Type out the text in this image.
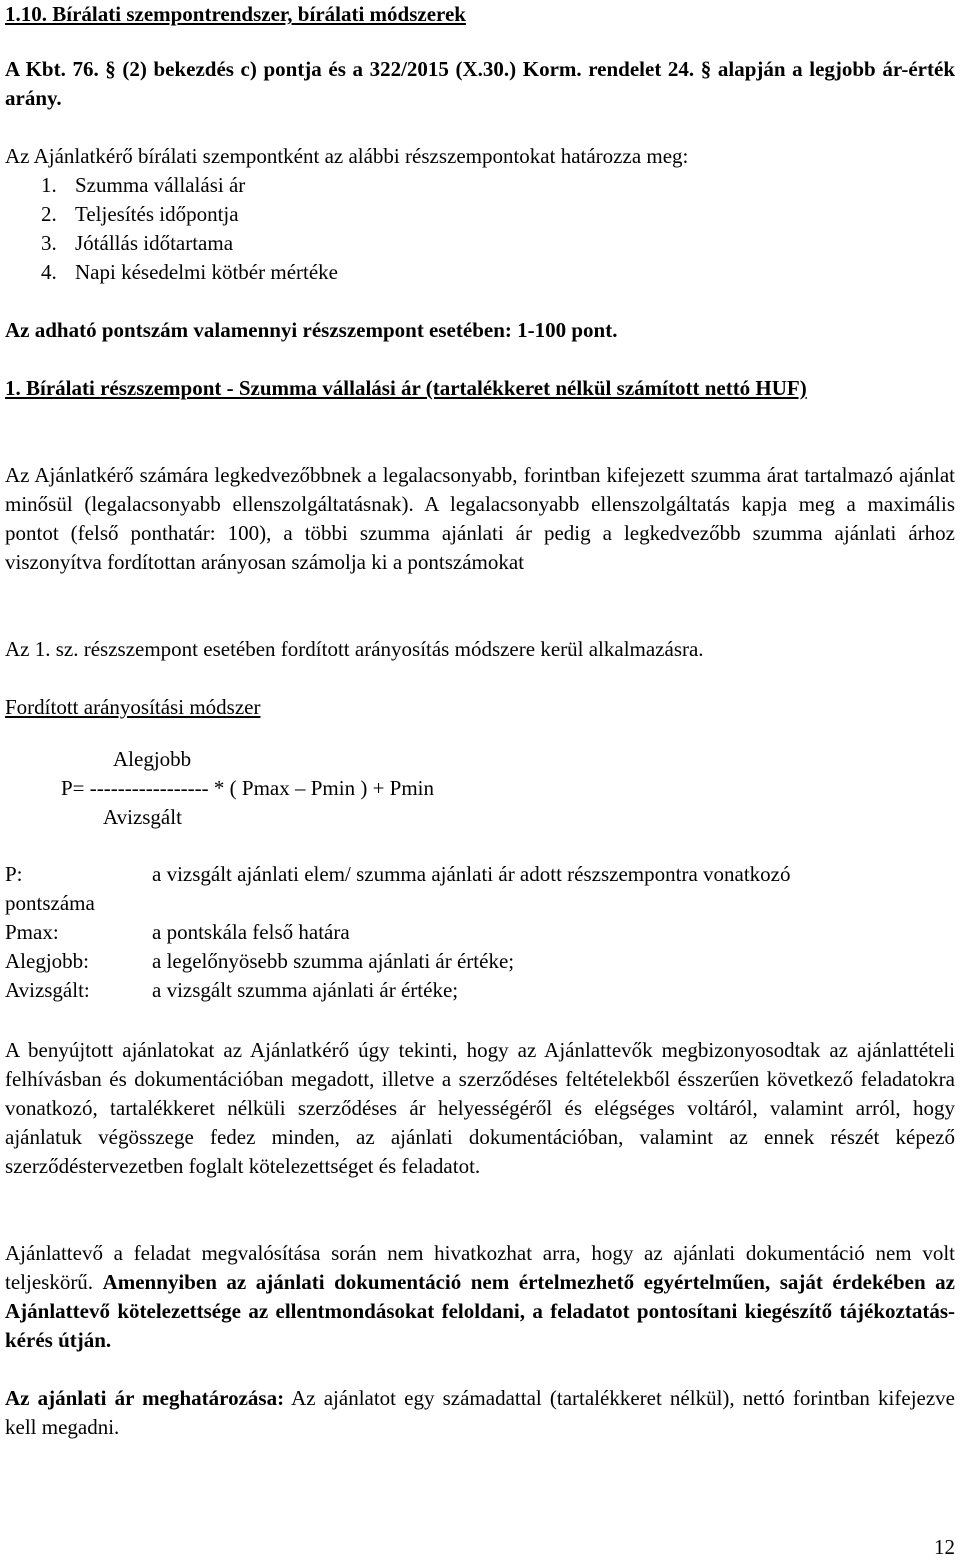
1.10. Bírálati szempontrendszer, bírálati módszerek

A Kbt. 76. § (2) bekezdés c) pontja és a 322/2015 (X.30.) Korm. rendelet 24. § alapján a legjobb ár-érték arány.

Az Ajánlatkérő bírálati szempontként az alábbi részszempontokat határozza meg:

1. Szumma vállalási ár
2. Teljesítés időpontja
3. Jótállás időtartama
4. Napi késedelmi kötbér mértéke

Az adható pontszám valamennyi részszempont esetében: 1-100 pont.

1. Bírálati részszempont - Szumma vállalási ár (tartalékkeret nélkül számított nettó HUF)

Az Ajánlatkérő számára legkedvezőbbnek a legalacsonyabb, forintban kifejezett szumma árat tartalmazó ajánlat minősül (legalacsonyabb ellenszolgáltatásnak). A legalacsonyabb ellenszolgáltatás kapja meg a maximális pontot (felső ponthatár: 100), a többi szumma ajánlati ár pedig a legkedvezőbb szumma ajánlati árhoz viszonyítva fordítottan arányosan számolja ki a pontszámokat

Az 1. sz. részszempont esetében fordított arányosítás módszere kerül alkalmazásra.

Fordított arányosítási módszer

Alegjobb
P= ----------------- * ( Pmax – Pmin ) + Pmin
Avizsgált
P:	a vizsgált ajánlati elem/ szumma ajánlati ár adott részszempontra vonatkozó
pontszáma
Pmax:	a pontskála felső határa
Alegjobb:	a legelőnyösebb szumma ajánlati ár értéke;
Avizsgált:	a vizsgált szumma ajánlati ár értéke;

A benyújtott ajánlatokat az Ajánlatkérő úgy tekinti, hogy az Ajánlattevők megbizonyosodtak az ajánlattételi felhívásban és dokumentációban megadott, illetve a szerződéses feltételekből ésszerűen következő feladatokra vonatkozó, tartalékkeret nélküli szerződéses ár helyességéről és elégséges voltáról, valamint arról, hogy ajánlatuk végösszege fedez minden, az ajánlati dokumentációban, valamint az ennek részét képező szerződéstervezetben foglalt kötelezettséget és feladatot.

Ajánlattevő a feladat megvalósítása során nem hivatkozhat arra, hogy az ajánlati dokumentáció nem volt teljeskörű. Amennyiben az ajánlati dokumentáció nem értelmezhető egyértelműen, saját érdekében az Ajánlattevő kötelezettsége az ellentmondásokat feloldani, a feladatot pontosítani kiegészítő tájékoztatás-kérés útján.

Az ajánlati ár meghatározása: Az ajánlatot egy számadattal (tartalékkeret nélkül), nettó forintban kifejezve kell megadni.

12
